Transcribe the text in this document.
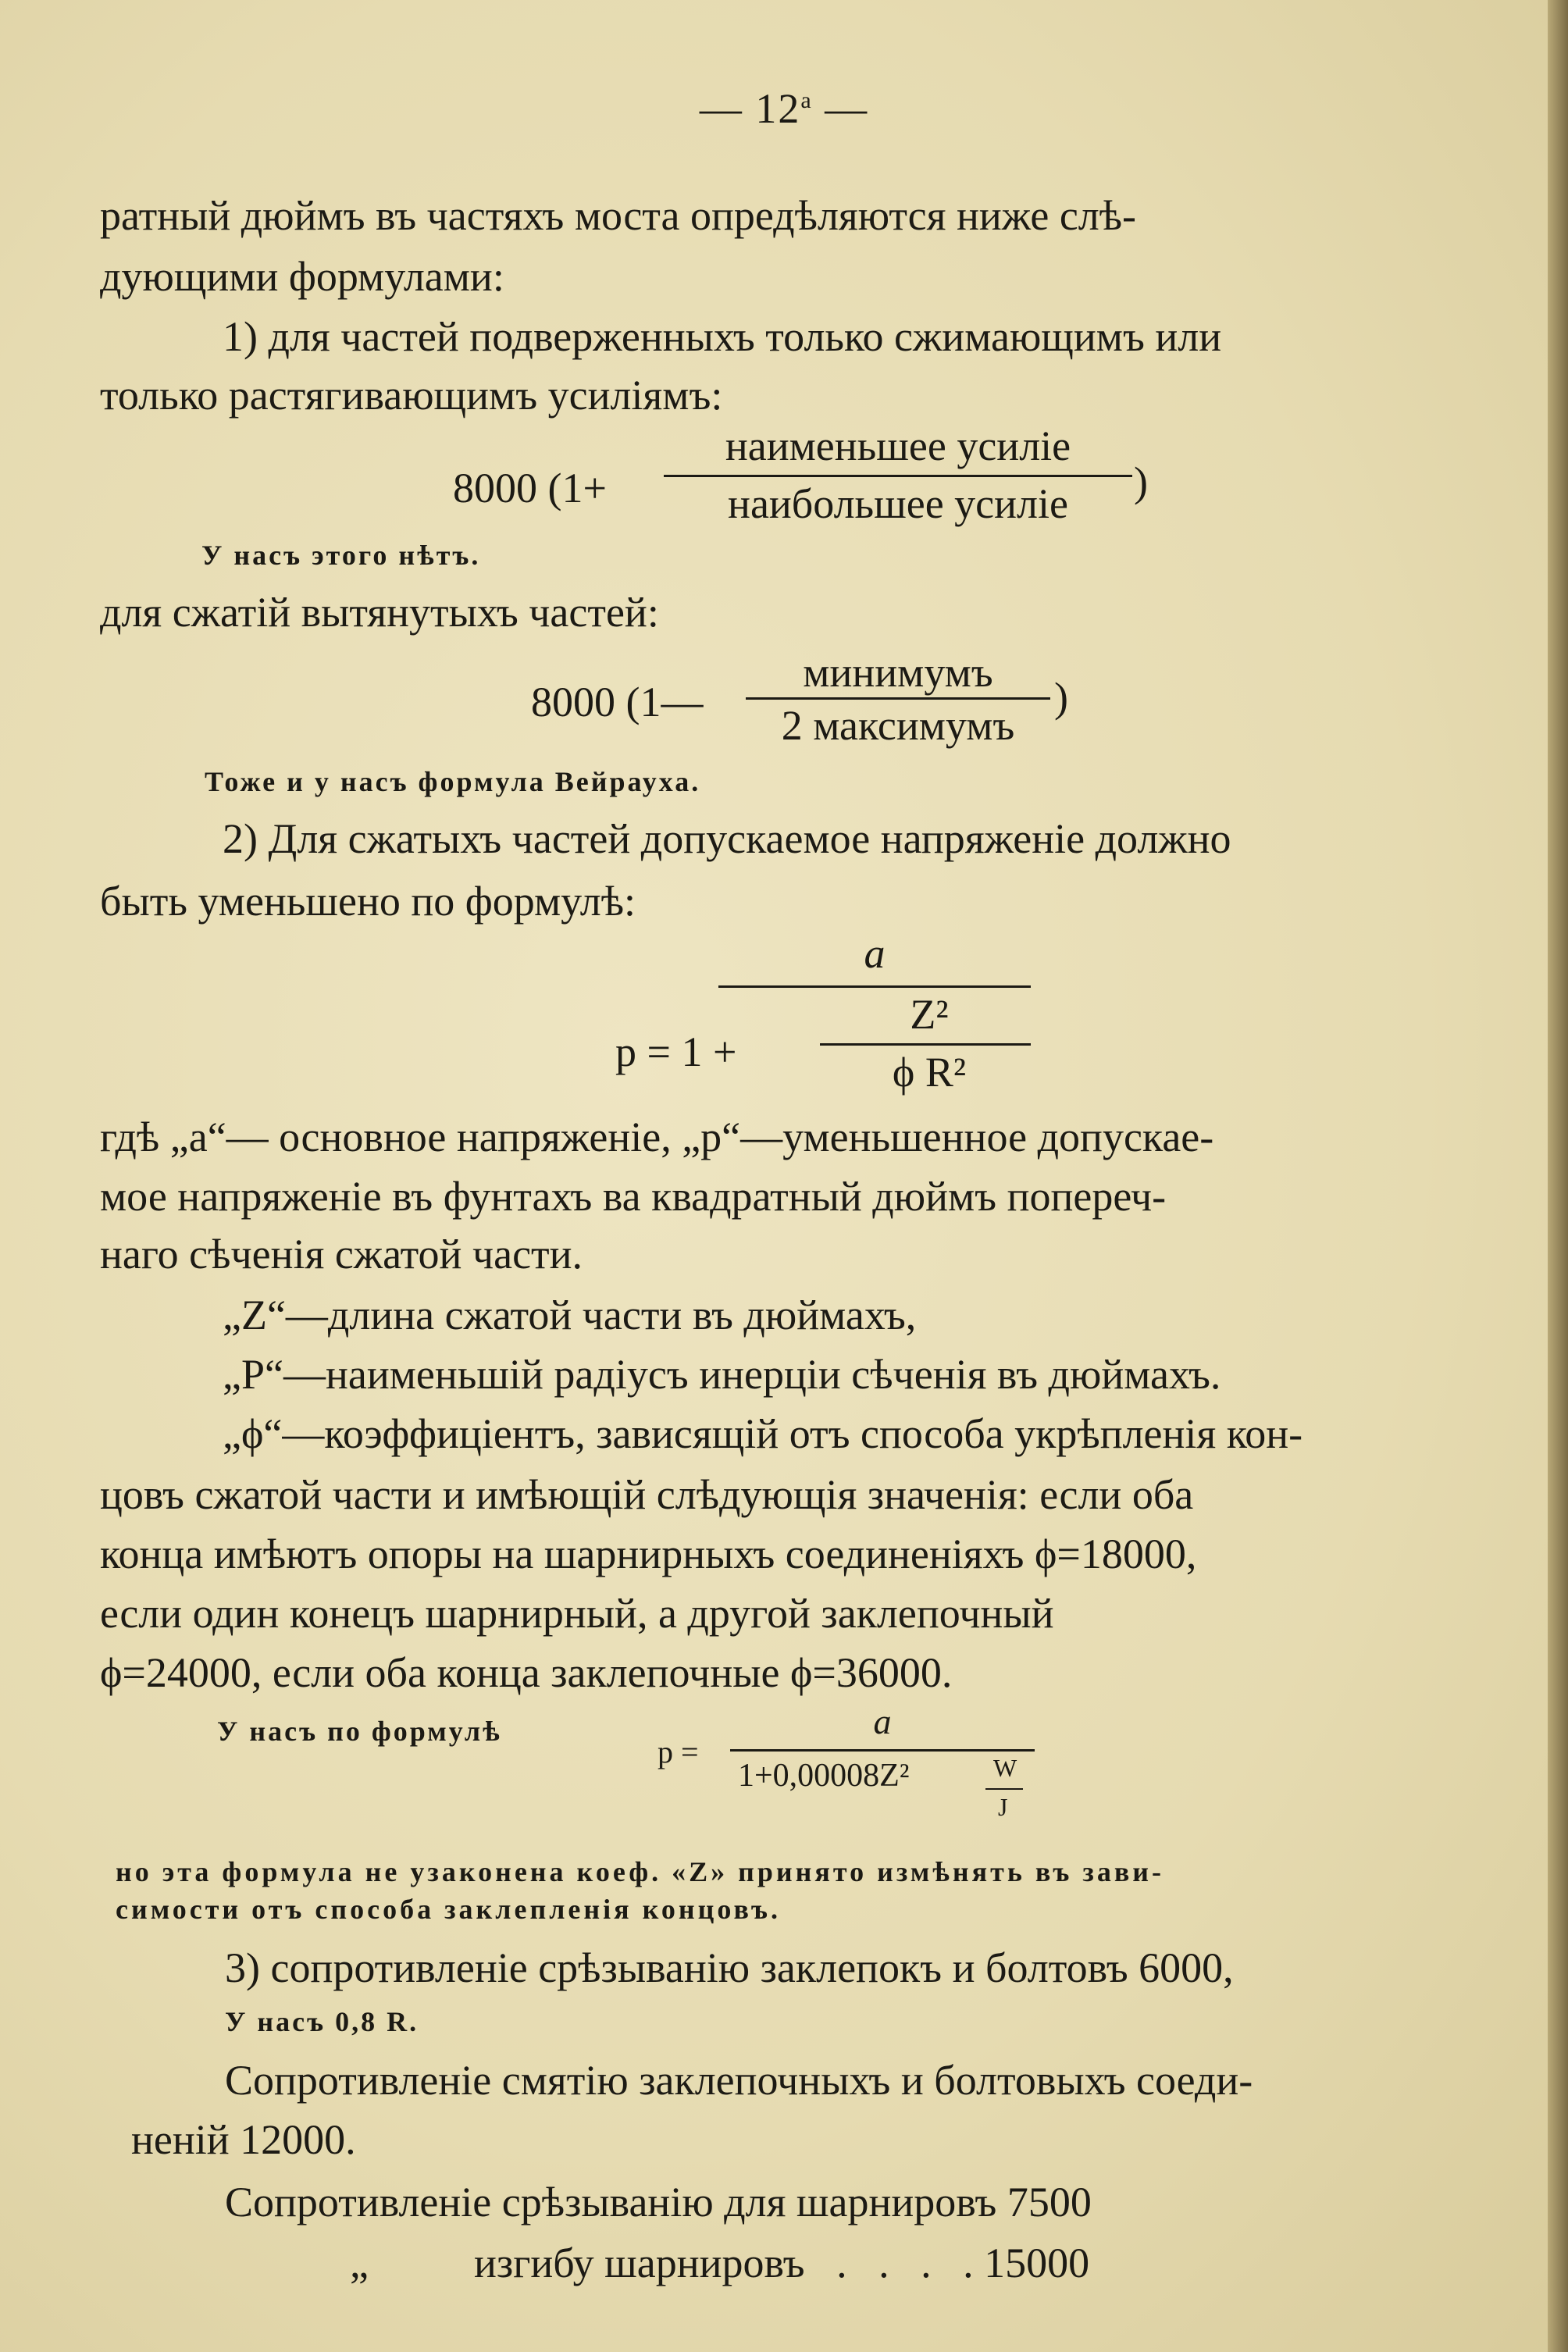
— $12^а$ —
ратный дюймъ въ частяхъ моста опредѣляются ниже слѣ-
дующими формулами:
1) для частей подверженныхъ только сжимающимъ или
только растягивающимъ усиліямъ:
8000 (1+
наименьшее усиліе
наибольшее усиліе	)
У насъ этого нѣтъ.
для сжатій вытянутыхъ частей:
8000 (1—
минимумъ
2 максимумъ
)
Тоже и у насъ формула Вейрауха.
2) Для сжатыхъ частей допускаемое напряженіе должно
быть уменьшено по формулѣ:
a
p = 1 +
Z²
ϕ R²
гдѣ „a“— основное напряженіе, „p“—уменьшенное допускае-
мое напряженіе въ фунтахъ ва квадратный дюймъ попереч-
наго сѣченія сжатой части.
„Z“—длина сжатой части въ дюймахъ,
„P“—наименьшій радіусъ инерціи сѣченія въ дюймахъ.
„ϕ“—коэффиціентъ, зависящій отъ способа укрѣпленія кон-
цовъ сжатой части и имѣющій слѣдующія значенія: если оба
конца имѣютъ опоры на шарнирныхъ соединеніяхъ ϕ=18000,
если один конецъ шарнирный, а другой заклепочный
ϕ=24000, если оба конца заклепочные ϕ=36000.
У насъ по формулѣ
p =
a
1+0,00008Z²	W
J
но эта формула не узаконена коеф. «Z» принято измѣнять въ зави-
симости отъ способа заклепленія концовъ.
3) сопротивленіе срѣзыванію заклепокъ и болтовъ 6000,
У насъ 0,8 R.
Сопротивленіе смятію заклепочныхъ и болтовыхъ соеди-
неній 12000.
Сопротивленіе срѣзыванію для шарнировъ 7500
„          изгибу шарнировъ   .   .   .   . 15000
